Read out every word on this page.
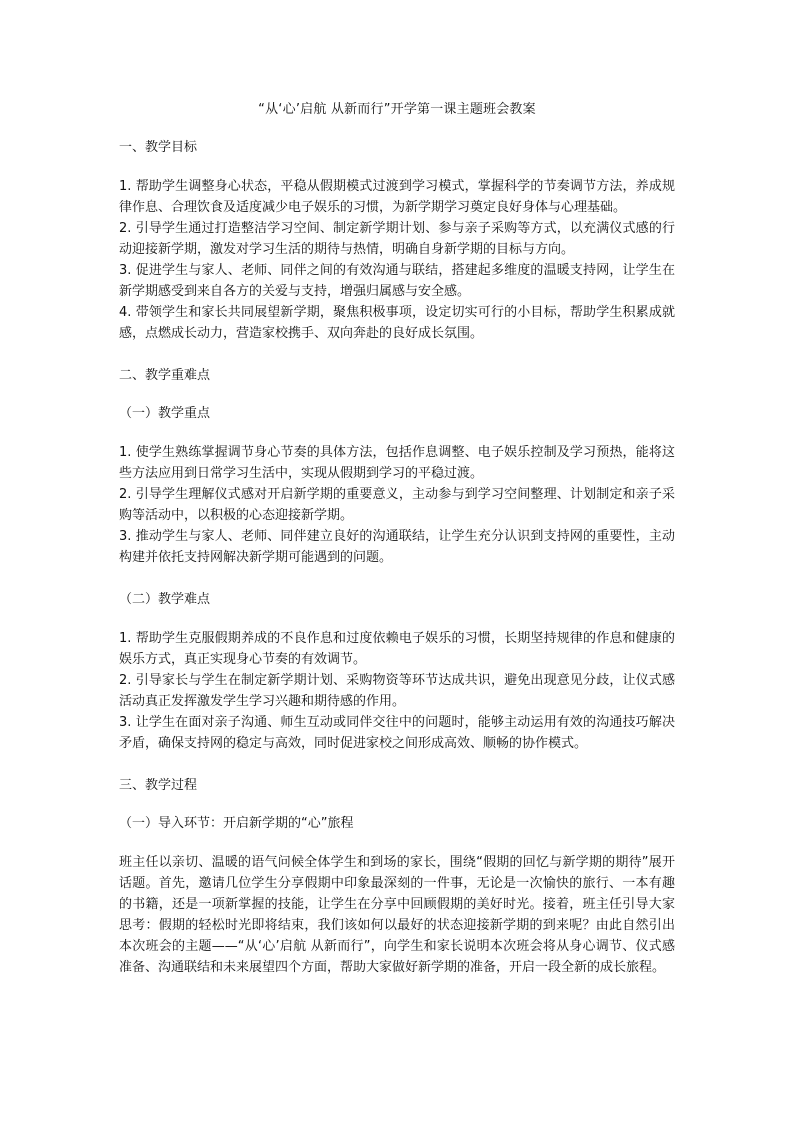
“从‘心’启航 从新而行”开学第一课主题班会教案

一、教学目标

1. 帮助学生调整身心状态，平稳从假期模式过渡到学习模式，掌握科学的节奏调节方法，养成规律作息、合理饮食及适度减少电子娱乐的习惯，为新学期学习奠定良好身体与心理基础。

2. 引导学生通过打造整洁学习空间、制定新学期计划、参与亲子采购等方式，以充满仪式感的行动迎接新学期，激发对学习生活的期待与热情，明确自身新学期的目标与方向。

3. 促进学生与家人、老师、同伴之间的有效沟通与联结，搭建起多维度的温暖支持网，让学生在新学期感受到来自各方的关爱与支持，增强归属感与安全感。

4. 带领学生和家长共同展望新学期，聚焦积极事项，设定切实可行的小目标，帮助学生积累成就感，点燃成长动力，营造家校携手、双向奔赴的良好成长氛围。

二、教学重难点

（一）教学重点

1. 使学生熟练掌握调节身心节奏的具体方法，包括作息调整、电子娱乐控制及学习预热，能将这些方法应用到日常学习生活中，实现从假期到学习的平稳过渡。

2. 引导学生理解仪式感对开启新学期的重要意义，主动参与到学习空间整理、计划制定和亲子采购等活动中，以积极的心态迎接新学期。

3. 推动学生与家人、老师、同伴建立良好的沟通联结，让学生充分认识到支持网的重要性，主动构建并依托支持网解决新学期可能遇到的问题。

（二）教学难点

1. 帮助学生克服假期养成的不良作息和过度依赖电子娱乐的习惯，长期坚持规律的作息和健康的娱乐方式，真正实现身心节奏的有效调节。

2. 引导家长与学生在制定新学期计划、采购物资等环节达成共识，避免出现意见分歧，让仪式感活动真正发挥激发学生学习兴趣和期待感的作用。

3. 让学生在面对亲子沟通、师生互动或同伴交往中的问题时，能够主动运用有效的沟通技巧解决矛盾，确保支持网的稳定与高效，同时促进家校之间形成高效、顺畅的协作模式。

三、教学过程

（一）导入环节：开启新学期的“心”旅程

班主任以亲切、温暖的语气问候全体学生和到场的家长，围绕“假期的回忆与新学期的期待”展开话题。首先，邀请几位学生分享假期中印象最深刻的一件事，无论是一次愉快的旅行、一本有趣的书籍，还是一项新掌握的技能，让学生在分享中回顾假期的美好时光。接着，班主任引导大家思考：假期的轻松时光即将结束，我们该如何以最好的状态迎接新学期的到来呢？由此自然引出本次班会的主题——“从‘心’启航 从新而行”，向学生和家长说明本次班会将从身心调节、仪式感准备、沟通联结和未来展望四个方面，帮助大家做好新学期的准备，开启一段全新的成长旅程。
